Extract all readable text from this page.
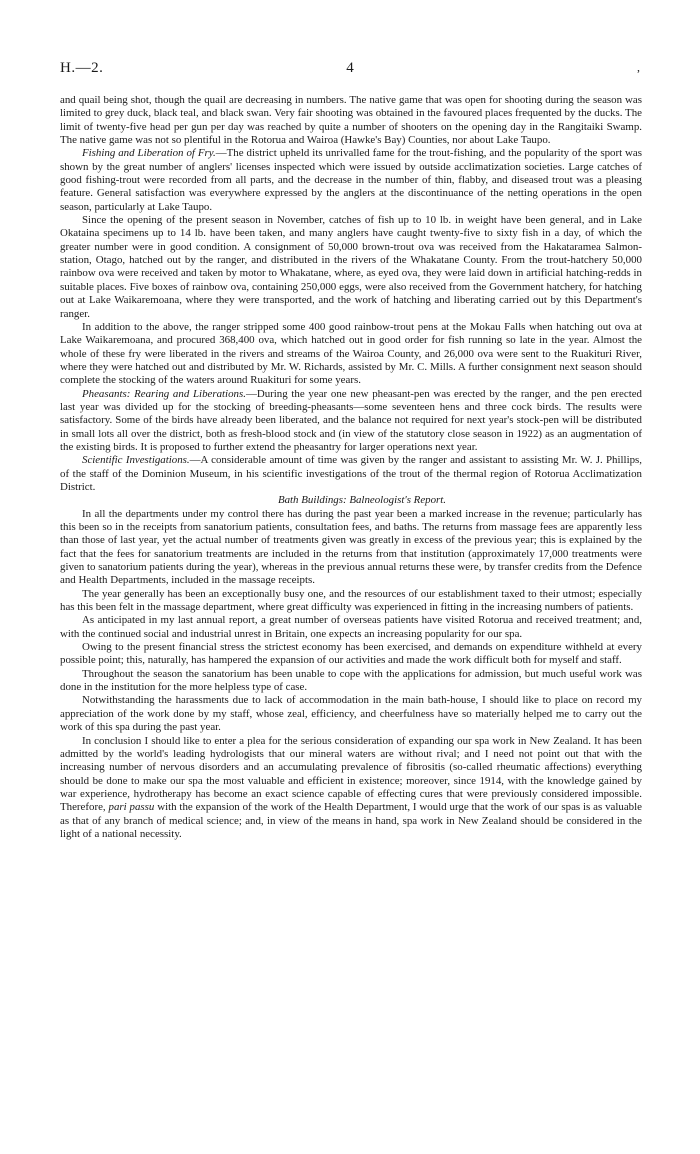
H.—2.	4	,

and quail being shot, though the quail are decreasing in numbers. The native game that was open for shooting during the season was limited to grey duck, black teal, and black swan. Very fair shooting was obtained in the favoured places frequented by the ducks. The limit of twenty-five head per gun per day was reached by quite a number of shooters on the opening day in the Rangitaiki Swamp. The native game was not so plentiful in the Rotorua and Wairoa (Hawke's Bay) Counties, nor about Lake Taupo.

Fishing and Liberation of Fry.—The district upheld its unrivalled fame for the trout-fishing, and the popularity of the sport was shown by the great number of anglers' licenses inspected which were issued by outside acclimatization societies. Large catches of good fishing-trout were recorded from all parts, and the decrease in the number of thin, flabby, and diseased trout was a pleasing feature. General satisfaction was everywhere expressed by the anglers at the discontinuance of the netting operations in the open season, particularly at Lake Taupo.

Since the opening of the present season in November, catches of fish up to 10 lb. in weight have been general, and in Lake Okataina specimens up to 14 lb. have been taken, and many anglers have caught twenty-five to sixty fish in a day, of which the greater number were in good condition. A consignment of 50,000 brown-trout ova was received from the Hakataramea Salmon-station, Otago, hatched out by the ranger, and distributed in the rivers of the Whakatane County. From the trout-hatchery 50,000 rainbow ova were received and taken by motor to Whakatane, where, as eyed ova, they were laid down in artificial hatching-redds in suitable places. Five boxes of rainbow ova, containing 250,000 eggs, were also received from the Government hatchery, for hatching out at Lake Waikaremoana, where they were transported, and the work of hatching and liberating carried out by this Department's ranger.

In addition to the above, the ranger stripped some 400 good rainbow-trout pens at the Mokau Falls when hatching out ova at Lake Waikaremoana, and procured 368,400 ova, which hatched out in good order for fish running so late in the year. Almost the whole of these fry were liberated in the rivers and streams of the Wairoa County, and 26,000 ova were sent to the Ruakituri River, where they were hatched out and distributed by Mr. W. Richards, assisted by Mr. C. Mills. A further consignment next season should complete the stocking of the waters around Ruakituri for some years.

Pheasants: Rearing and Liberations.—During the year one new pheasant-pen was erected by the ranger, and the pen erected last year was divided up for the stocking of breeding-pheasants—some seventeen hens and three cock birds. The results were satisfactory. Some of the birds have already been liberated, and the balance not required for next year's stock-pen will be distributed in small lots all over the district, both as fresh-blood stock and (in view of the statutory close season in 1922) as an augmentation of the existing birds. It is proposed to further extend the pheasantry for larger operations next year.

Scientific Investigations.—A considerable amount of time was given by the ranger and assistant to assisting Mr. W. J. Phillips, of the staff of the Dominion Museum, in his scientific investigations of the trout of the thermal region of Rotorua Acclimatization District.

Bath Buildings: Balneologist's Report.

In all the departments under my control there has during the past year been a marked increase in the revenue; particularly has this been so in the receipts from sanatorium patients, consultation fees, and baths. The returns from massage fees are apparently less than those of last year, yet the actual number of treatments given was greatly in excess of the previous year; this is explained by the fact that the fees for sanatorium treatments are included in the returns from that institution (approximately 17,000 treatments were given to sanatorium patients during the year), whereas in the previous annual returns these were, by transfer credits from the Defence and Health Departments, included in the massage receipts.

The year generally has been an exceptionally busy one, and the resources of our establishment taxed to their utmost; especially has this been felt in the massage department, where great difficulty was experienced in fitting in the increasing numbers of patients.

As anticipated in my last annual report, a great number of overseas patients have visited Rotorua and received treatment; and, with the continued social and industrial unrest in Britain, one expects an increasing popularity for our spa.

Owing to the present financial stress the strictest economy has been exercised, and demands on expenditure withheld at every possible point; this, naturally, has hampered the expansion of our activities and made the work difficult both for myself and staff.

Throughout the season the sanatorium has been unable to cope with the applications for admission, but much useful work was done in the institution for the more helpless type of case.

Notwithstanding the harassments due to lack of accommodation in the main bath-house, I should like to place on record my appreciation of the work done by my staff, whose zeal, efficiency, and cheerfulness have so materially helped me to carry out the work of this spa during the past year.

In conclusion I should like to enter a plea for the serious consideration of expanding our spa work in New Zealand. It has been admitted by the world's leading hydrologists that our mineral waters are without rival; and I need not point out that with the increasing number of nervous disorders and an accumulating prevalence of fibrositis (so-called rheumatic affections) everything should be done to make our spa the most valuable and efficient in existence; moreover, since 1914, with the knowledge gained by war experience, hydrotherapy has become an exact science capable of effecting cures that were previously considered impossible. Therefore, pari passu with the expansion of the work of the Health Department, I would urge that the work of our spas is as valuable as that of any branch of medical science; and, in view of the means in hand, spa work in New Zealand should be considered in the light of a national necessity.
